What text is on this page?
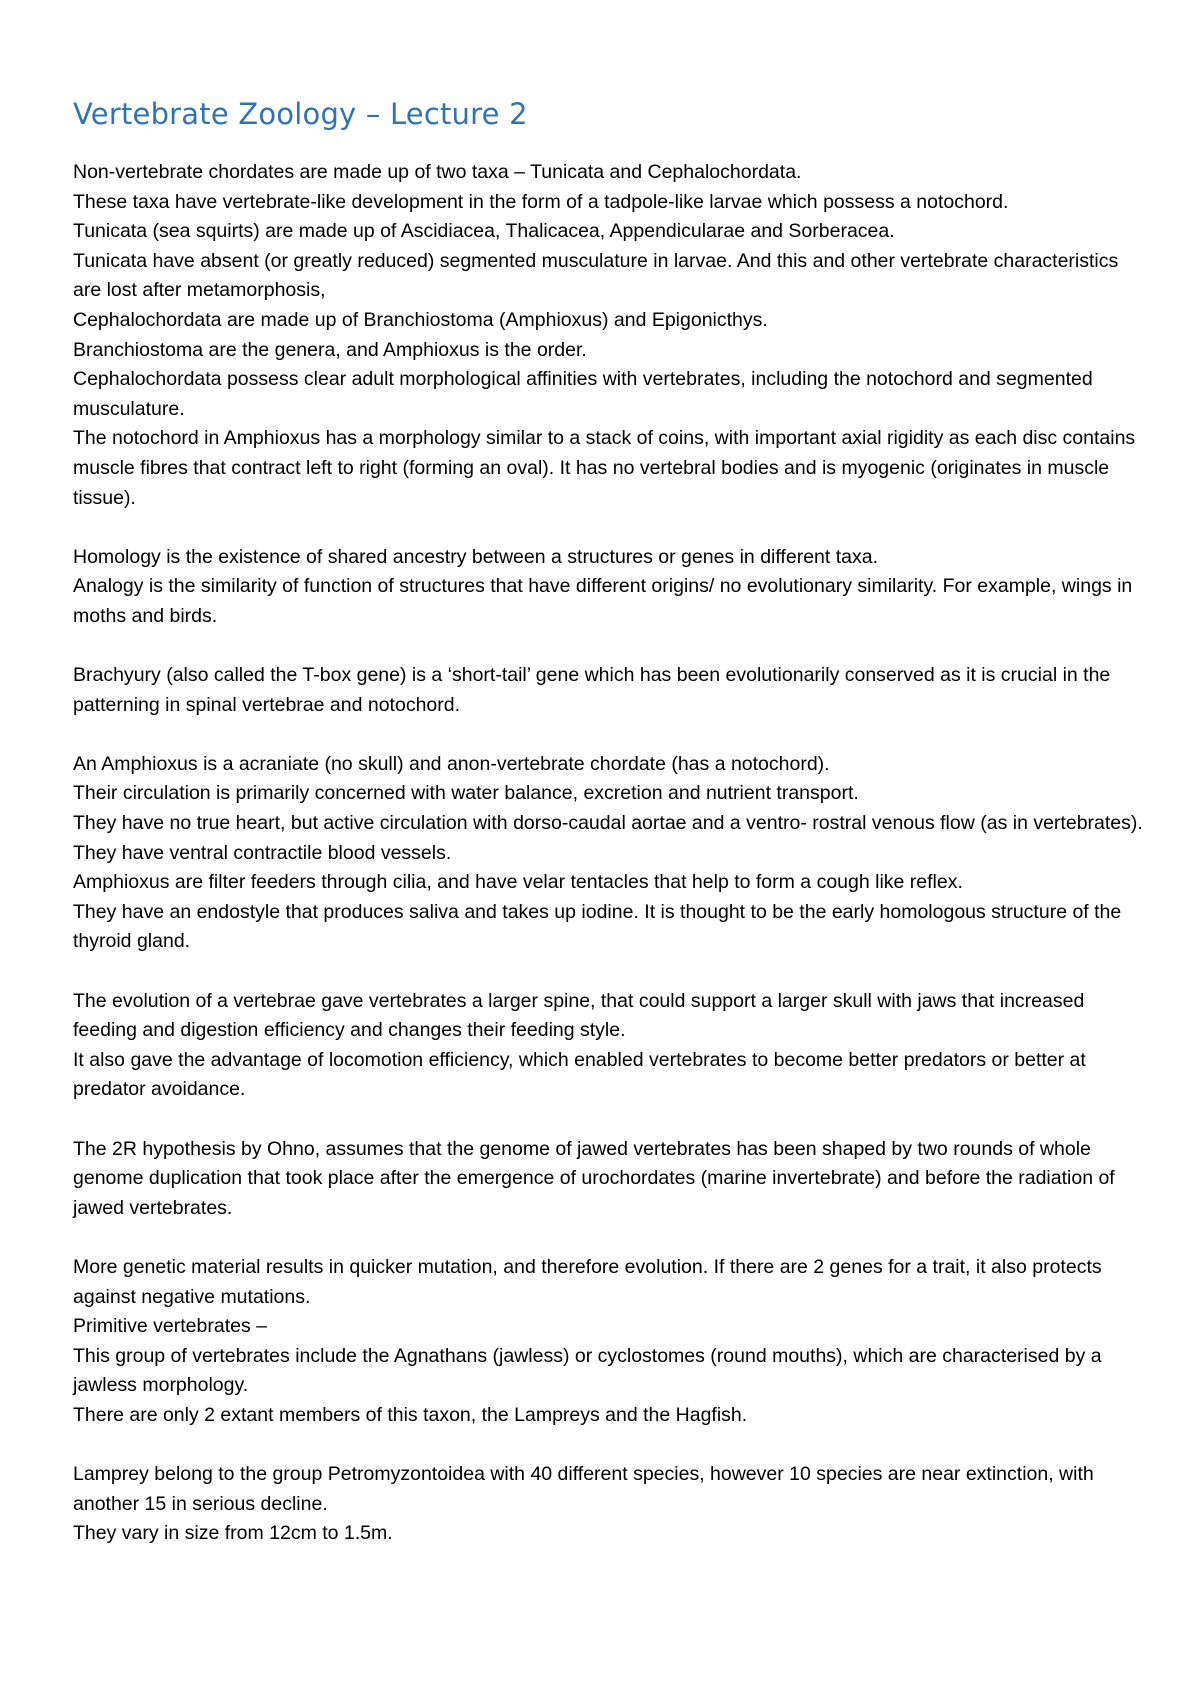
Vertebrate Zoology – Lecture 2

Non-vertebrate chordates are made up of two taxa – Tunicata and Cephalochordata.

These taxa have vertebrate-like development in the form of a tadpole-like larvae which possess a notochord.

Tunicata (sea squirts) are made up of Ascidiacea, Thalicacea, Appendicularae and Sorberacea.

Tunicata have absent (or greatly reduced) segmented musculature in larvae. And this and other vertebrate characteristics are lost after metamorphosis,

Cephalochordata are made up of Branchiostoma (Amphioxus) and Epigonicthys.

Branchiostoma are the genera, and Amphioxus is the order.

Cephalochordata possess clear adult morphological affinities with vertebrates, including the notochord and segmented musculature.

The notochord in Amphioxus has a morphology similar to a stack of coins, with important axial rigidity as each disc contains muscle fibres that contract left to right (forming an oval). It has no vertebral bodies and is myogenic (originates in muscle tissue).

Homology is the existence of shared ancestry between a structures or genes in different taxa.

Analogy is the similarity of function of structures that have different origins/ no evolutionary similarity. For example, wings in moths and birds.

Brachyury (also called the T-box gene) is a ‘short-tail’ gene which has been evolutionarily conserved as it is crucial in the patterning in spinal vertebrae and notochord.

An Amphioxus is a acraniate (no skull) and anon-vertebrate chordate (has a notochord).

Their circulation is primarily concerned with water balance, excretion and nutrient transport.

They have no true heart, but active circulation with dorso-caudal aortae and a ventro- rostral venous flow (as in vertebrates).

They have ventral contractile blood vessels.

Amphioxus are filter feeders through cilia, and have velar tentacles that help to form a cough like reflex.

They have an endostyle that produces saliva and takes up iodine. It is thought to be the early homologous structure of the thyroid gland.

The evolution of a vertebrae gave vertebrates a larger spine, that could support a larger skull with jaws that increased feeding and digestion efficiency and changes their feeding style.

It also gave the advantage of locomotion efficiency, which enabled vertebrates to become better predators or better at predator avoidance.

The 2R hypothesis by Ohno, assumes that the genome of jawed vertebrates has been shaped by two rounds of whole genome duplication that took place after the emergence of urochordates (marine invertebrate) and before the radiation of jawed vertebrates.

More genetic material results in quicker mutation, and therefore evolution. If there are 2 genes for a trait, it also protects against negative mutations.

Primitive vertebrates –

This group of vertebrates include the Agnathans (jawless) or cyclostomes (round mouths), which are characterised by a jawless morphology.

There are only 2 extant members of this taxon, the Lampreys and the Hagfish.

Lamprey belong to the group Petromyzontoidea with 40 different species, however 10 species are near extinction, with another 15 in serious decline.

They vary in size from 12cm to 1.5m.
